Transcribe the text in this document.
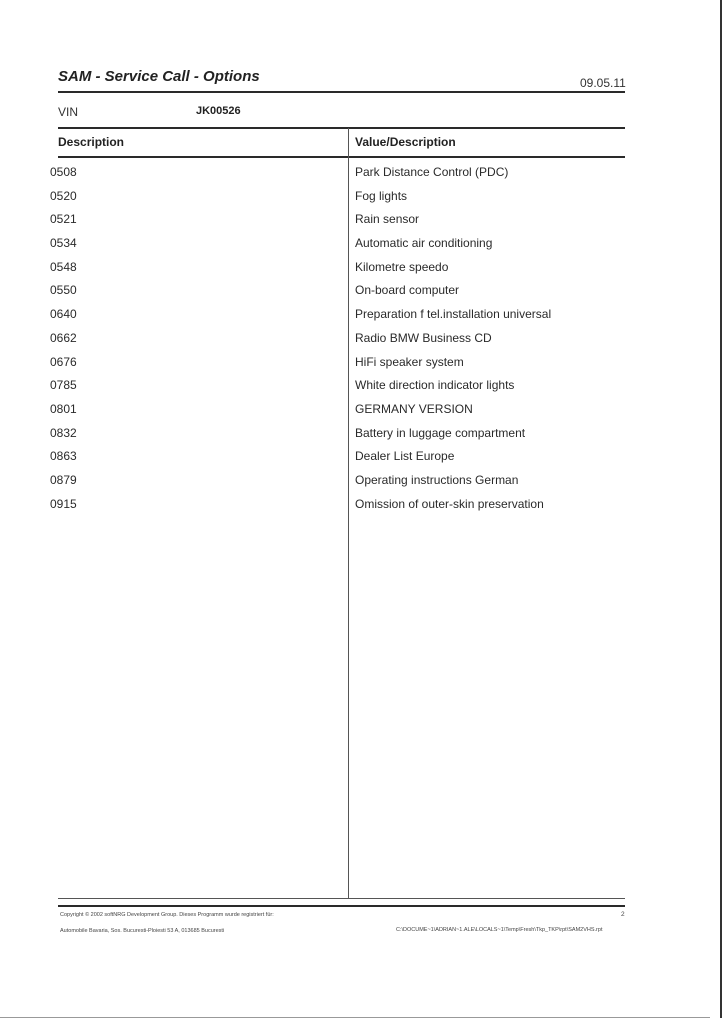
SAM - Service Call - Options	09.05.11
VIN	JK00526
Description	Value/Description
0508	Park Distance Control (PDC)
0520	Fog lights
0521	Rain sensor
0534	Automatic air conditioning
0548	Kilometre speedo
0550	On-board computer
0640	Preparation f tel.installation universal
0662	Radio BMW Business CD
0676	HiFi speaker system
0785	White direction indicator lights
0801	GERMANY VERSION
0832	Battery in luggage compartment
0863	Dealer List Europe
0879	Operating instructions German
0915	Omission of outer-skin preservation
Copyright © 2002 softNRG Development Group. Dieses Programm wurde registriert für:
Automobile Bavaria, Sos. Bucuresti-Ploiesti 53 A, 013685 Bucuresti
2
C:\DOCUME~1\ADRIAN~1.ALE\LOCALS~1\Temp\Fresh\Tkp_TKP\rpt\SAM2VHS.rpt
